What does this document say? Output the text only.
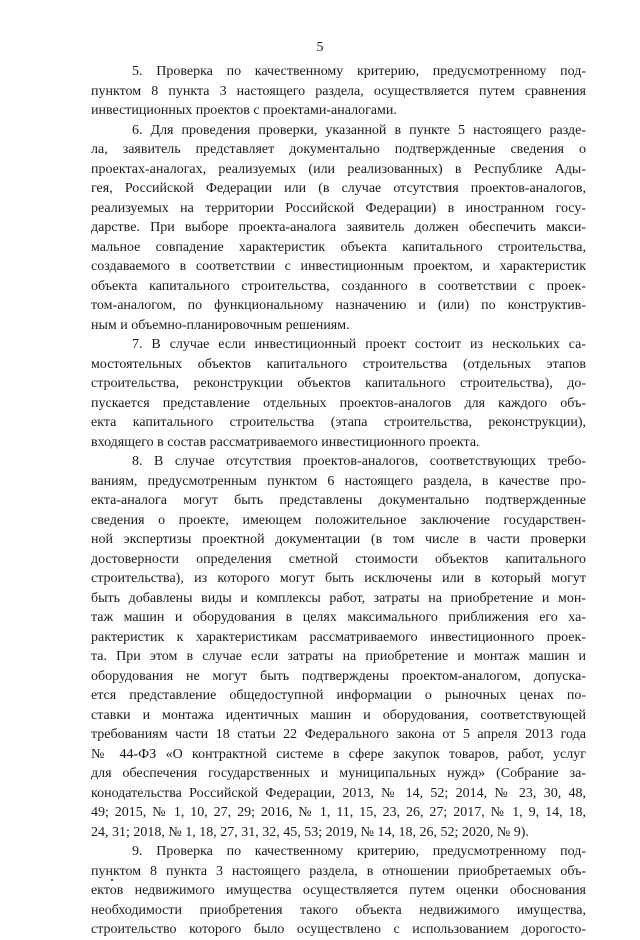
5
5. Проверка по качественному критерию, предусмотренному под-
пунктом 8 пункта 3 настоящего раздела, осуществляется путем сравнения
инвестиционных проектов с проектами-аналогами.
6. Для проведения проверки, указанной в пункте 5 настоящего разде-
ла, заявитель представляет документально подтвержденные сведения о
проектах-аналогах, реализуемых (или реализованных) в Республике Ады-
гея, Российской Федерации или (в случае отсутствия проектов-аналогов,
реализуемых на территории Российской Федерации) в иностранном госу-
дарстве. При выборе проекта-аналога заявитель должен обеспечить макси-
мальное совпадение характеристик объекта капитального строительства,
создаваемого в соответствии с инвестиционным проектом, и характеристик
объекта капитального строительства, созданного в соответствии с проек-
том-аналогом, по функциональному назначению и (или) по конструктив-
ным и объемно-планировочным решениям.
7. В случае если инвестиционный проект состоит из нескольких са-
мостоятельных объектов капитального строительства (отдельных этапов
строительства, реконструкции объектов капитального строительства), до-
пускается представление отдельных проектов-аналогов для каждого объ-
екта капитального строительства (этапа строительства, реконструкции),
входящего в состав рассматриваемого инвестиционного проекта.
8. В случае отсутствия проектов-аналогов, соответствующих требо-
ваниям, предусмотренным пунктом 6 настоящего раздела, в качестве про-
екта-аналога могут быть представлены документально подтвержденные
сведения о проекте, имеющем положительное заключение государствен-
ной экспертизы проектной документации (в том числе в части проверки
достоверности определения сметной стоимости объектов капитального
строительства), из которого могут быть исключены или в который могут
быть добавлены виды и комплексы работ, затраты на приобретение и мон-
таж машин и оборудования в целях максимального приближения его ха-
рактеристик к характеристикам рассматриваемого инвестиционного проек-
та. При этом в случае если затраты на приобретение и монтаж машин и
оборудования не могут быть подтверждены проектом-аналогом, допуска-
ется представление общедоступной информации о рыночных ценах по-
ставки и монтажа идентичных машин и оборудования, соответствующей
требованиям части 18 статьи 22 Федерального закона от 5 апреля 2013 года
№ 44-ФЗ «О контрактной системе в сфере закупок товаров, работ, услуг
для обеспечения государственных и муниципальных нужд» (Собрание за-
конодательства Российской Федерации, 2013, № 14, 52; 2014, № 23, 30, 48,
49; 2015, № 1, 10, 27, 29; 2016, № 1, 11, 15, 23, 26, 27; 2017, № 1, 9, 14, 18,
24, 31; 2018, № 1, 18, 27, 31, 32, 45, 53; 2019, № 14, 18, 26, 52; 2020, № 9).
9. Проверка по качественному критерию, предусмотренному под-
пунктом 8 пункта 3 настоящего раздела, в отношении приобретаемых объ-
ектов недвижимого имущества осуществляется путем оценки обоснования
необходимости приобретения такого объекта недвижимого имущества,
строительство которого было осуществлено с использованием дорогосто-
